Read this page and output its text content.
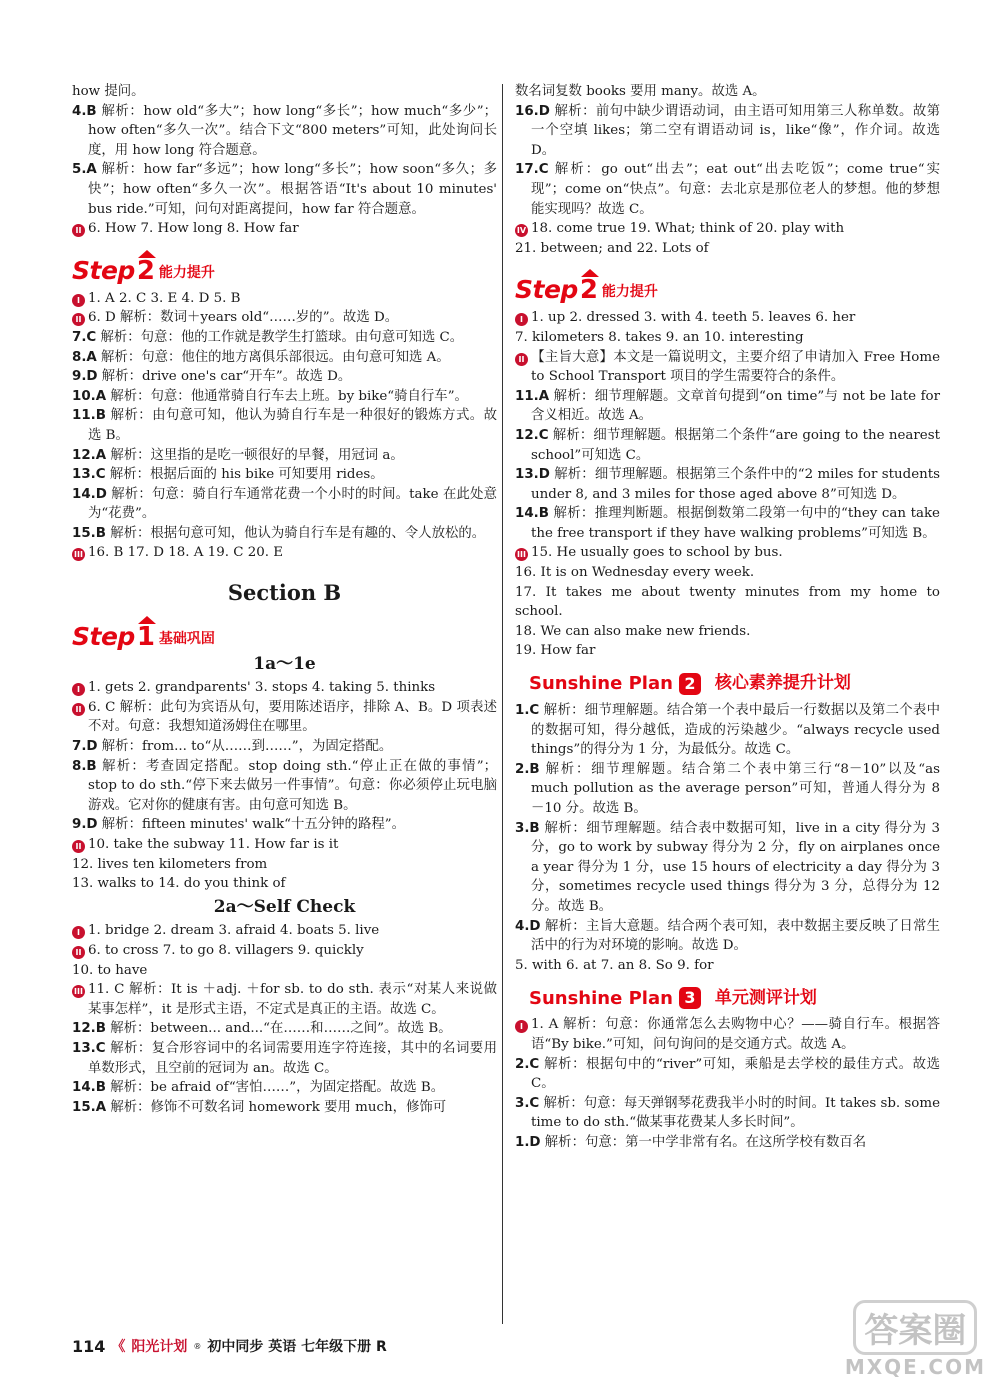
how 提问。

4.B 解析：how old“多大”；how long“多长”；how much“多少”；how often“多久一次”。结合下文“800 meters”可知，此处询问长度，用 how long 符合题意。

5.A 解析：how far“多远”；how long“多长”；how soon“多久；多快”；how often“多久一次”。根据答语“It's about 10 minutes' bus ride.”可知，问句对距离提问，how far 符合题意。

II 6. How 7. How long 8. How far

Step 2 能力提升

I 1. A 2. C 3. E 4. D 5. B

II 6. D 解析：数词＋years old“……岁的”。故选 D。

7.C 解析：句意：他的工作就是教学生打篮球。由句意可知选 C。

8.A 解析：句意：他住的地方离俱乐部很远。由句意可知选 A。

9.D 解析：drive one's car“开车”。故选 D。

10.A 解析：句意：他通常骑自行车去上班。by bike“骑自行车”。

11.B 解析：由句意可知，他认为骑自行车是一种很好的锻炼方式。故选 B。

12.A 解析：这里指的是吃一顿很好的早餐，用冠词 a。

13.C 解析：根据后面的 his bike 可知要用 rides。

14.D 解析：句意：骑自行车通常花费一个小时的时间。take 在此处意为“花费”。

15.B 解析：根据句意可知，他认为骑自行车是有趣的、令人放松的。

III 16. B 17. D 18. A 19. C 20. E

Section B
Step 1 基础巩固
1a～1e

I 1. gets 2. grandparents' 3. stops 4. taking 5. thinks

II 6. C 解析：此句为宾语从句，要用陈述语序，排除 A、B。D 项表述不对。句意：我想知道汤姆住在哪里。

7.D 解析：from... to“从……到……”，为固定搭配。

8.B 解析：考查固定搭配。stop doing sth.“停止正在做的事情”；stop to do sth.“停下来去做另一件事情”。句意：你必须停止玩电脑游戏。它对你的健康有害。由句意可知选 B。

9.D 解析：fifteen minutes' walk“十五分钟的路程”。

II 10. take the subway 11. How far is it

12. lives ten kilometers from

13. walks to 14. do you think of

2a～Self Check

I 1. bridge 2. dream 3. afraid 4. boats 5. live

II 6. to cross 7. to go 8. villagers 9. quickly

10. to have

III 11. C 解析：It is ＋adj. ＋for sb. to do sth. 表示“对某人来说做某事怎样”，it 是形式主语，不定式是真正的主语。故选 C。

12.B 解析：between... and...“在……和……之间”。故选 B。

13.C 解析：复合形容词中的名词需要用连字符连接，其中的名词要用单数形式，且空前的冠词为 an。故选 C。

14.B 解析：be afraid of“害怕……”，为固定搭配。故选 B。

15.A 解析：修饰不可数名词 homework 要用 much，修饰可

数名词复数 books 要用 many。故选 A。

16.D 解析：前句中缺少谓语动词，由主语可知用第三人称单数。故第一个空填 likes；第二空有谓语动词 is，like“像”，作介词。故选 D。

17.C 解析：go out“出去”；eat out“出去吃饭”；come true“实现”；come on“快点”。句意：去北京是那位老人的梦想。他的梦想能实现吗？故选 C。

IV 18. come true 19. What; think of 20. play with

21. between; and 22. Lots of

Step 2 能力提升

I 1. up 2. dressed 3. with 4. teeth 5. leaves 6. her

7. kilometers 8. takes 9. an 10. interesting

II 【主旨大意】本文是一篇说明文，主要介绍了申请加入 Free Home to School Transport 项目的学生需要符合的条件。

11.A 解析：细节理解题。文章首句提到“on time”与 not be late for 含义相近。故选 A。

12.C 解析：细节理解题。根据第二个条件“are going to the nearest school”可知选 C。

13.D 解析：细节理解题。根据第三个条件中的“2 miles for students under 8, and 3 miles for those aged above 8”可知选 D。

14.B 解析：推理判断题。根据倒数第二段第一句中的“they can take the free transport if they have walking problems”可知选 B。

III 15. He usually goes to school by bus.

16. It is on Wednesday every week.

17. It takes me about twenty minutes from my home to school.

18. We can also make new friends.

19. How far

Sunshine Plan 2	核心素养提升计划

1.C 解析：细节理解题。结合第一个表中最后一行数据以及第二个表中的数据可知，得分越低，造成的污染越少。“always recycle used things”的得分为 1 分，为最低分。故选 C。

2.B 解析：细节理解题。结合第二个表中第三行“8－10”以及“as much pollution as the average person”可知，普通人得分为 8－10 分。故选 B。

3.B 解析：细节理解题。结合表中数据可知，live in a city 得分为 3 分，go to work by subway 得分为 2 分，fly on airplanes once a year 得分为 1 分，use 15 hours of electricity a day 得分为 3 分，sometimes recycle used things 得分为 3 分，总得分为 12 分。故选 B。

4.D 解析：主旨大意题。结合两个表可知，表中数据主要反映了日常生活中的行为对环境的影响。故选 D。

5. with 6. at 7. an 8. So 9. for

Sunshine Plan 3	单元测评计划

I 1. A 解析：句意：你通常怎么去购物中心？——骑自行车。根据答语“By bike.”可知，问句询问的是交通方式。故选 A。

2.C 解析：根据句中的“river”可知，乘船是去学校的最佳方式。故选 C。

3.C 解析：句意：每天弹钢琴花费我半小时的时间。It takes sb. some time to do sth.“做某事花费某人多长时间”。

1.D 解析：句意：第一中学非常有名。在这所学校有数百名

114 《 阳光计划 ® 初中同步 英语 七年级下册 R	答案圈
MXQE.COM
